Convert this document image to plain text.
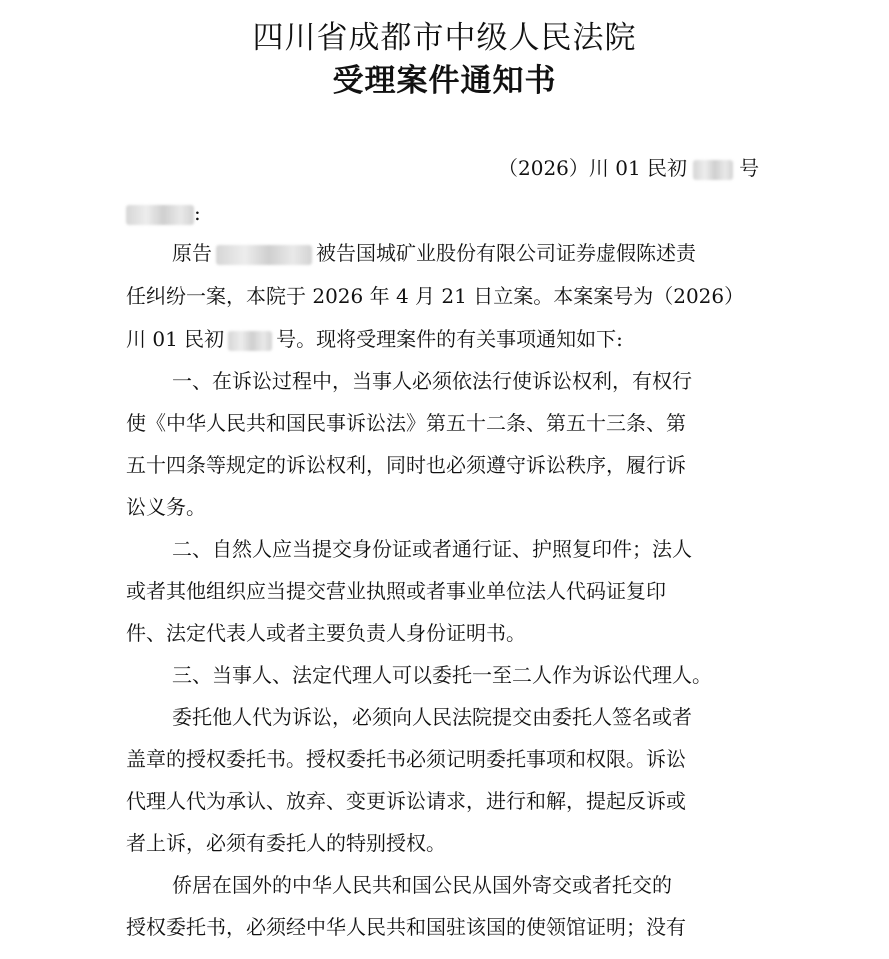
四川省成都市中级人民法院
受理案件通知书
（2026）川 01 民初	号
:
原告	被告国城矿业股份有限公司证券虚假陈述责
任纠纷一案，本院于 2026 年 4 月 21 日立案。本案案号为（2026）
川 01 民初	号。现将受理案件的有关事项通知如下:
一、在诉讼过程中，当事人必须依法行使诉讼权利，有权行
使《中华人民共和国民事诉讼法》第五十二条、第五十三条、第
五十四条等规定的诉讼权利，同时也必须遵守诉讼秩序，履行诉
讼义务。
二、自然人应当提交身份证或者通行证、护照复印件；法人
或者其他组织应当提交营业执照或者事业单位法人代码证复印
件、法定代表人或者主要负责人身份证明书。
三、当事人、法定代理人可以委托一至二人作为诉讼代理人。
委托他人代为诉讼，必须向人民法院提交由委托人签名或者
盖章的授权委托书。授权委托书必须记明委托事项和权限。诉讼
代理人代为承认、放弃、变更诉讼请求，进行和解，提起反诉或
者上诉，必须有委托人的特别授权。
侨居在国外的中华人民共和国公民从国外寄交或者托交的
授权委托书，必须经中华人民共和国驻该国的使领馆证明；没有
